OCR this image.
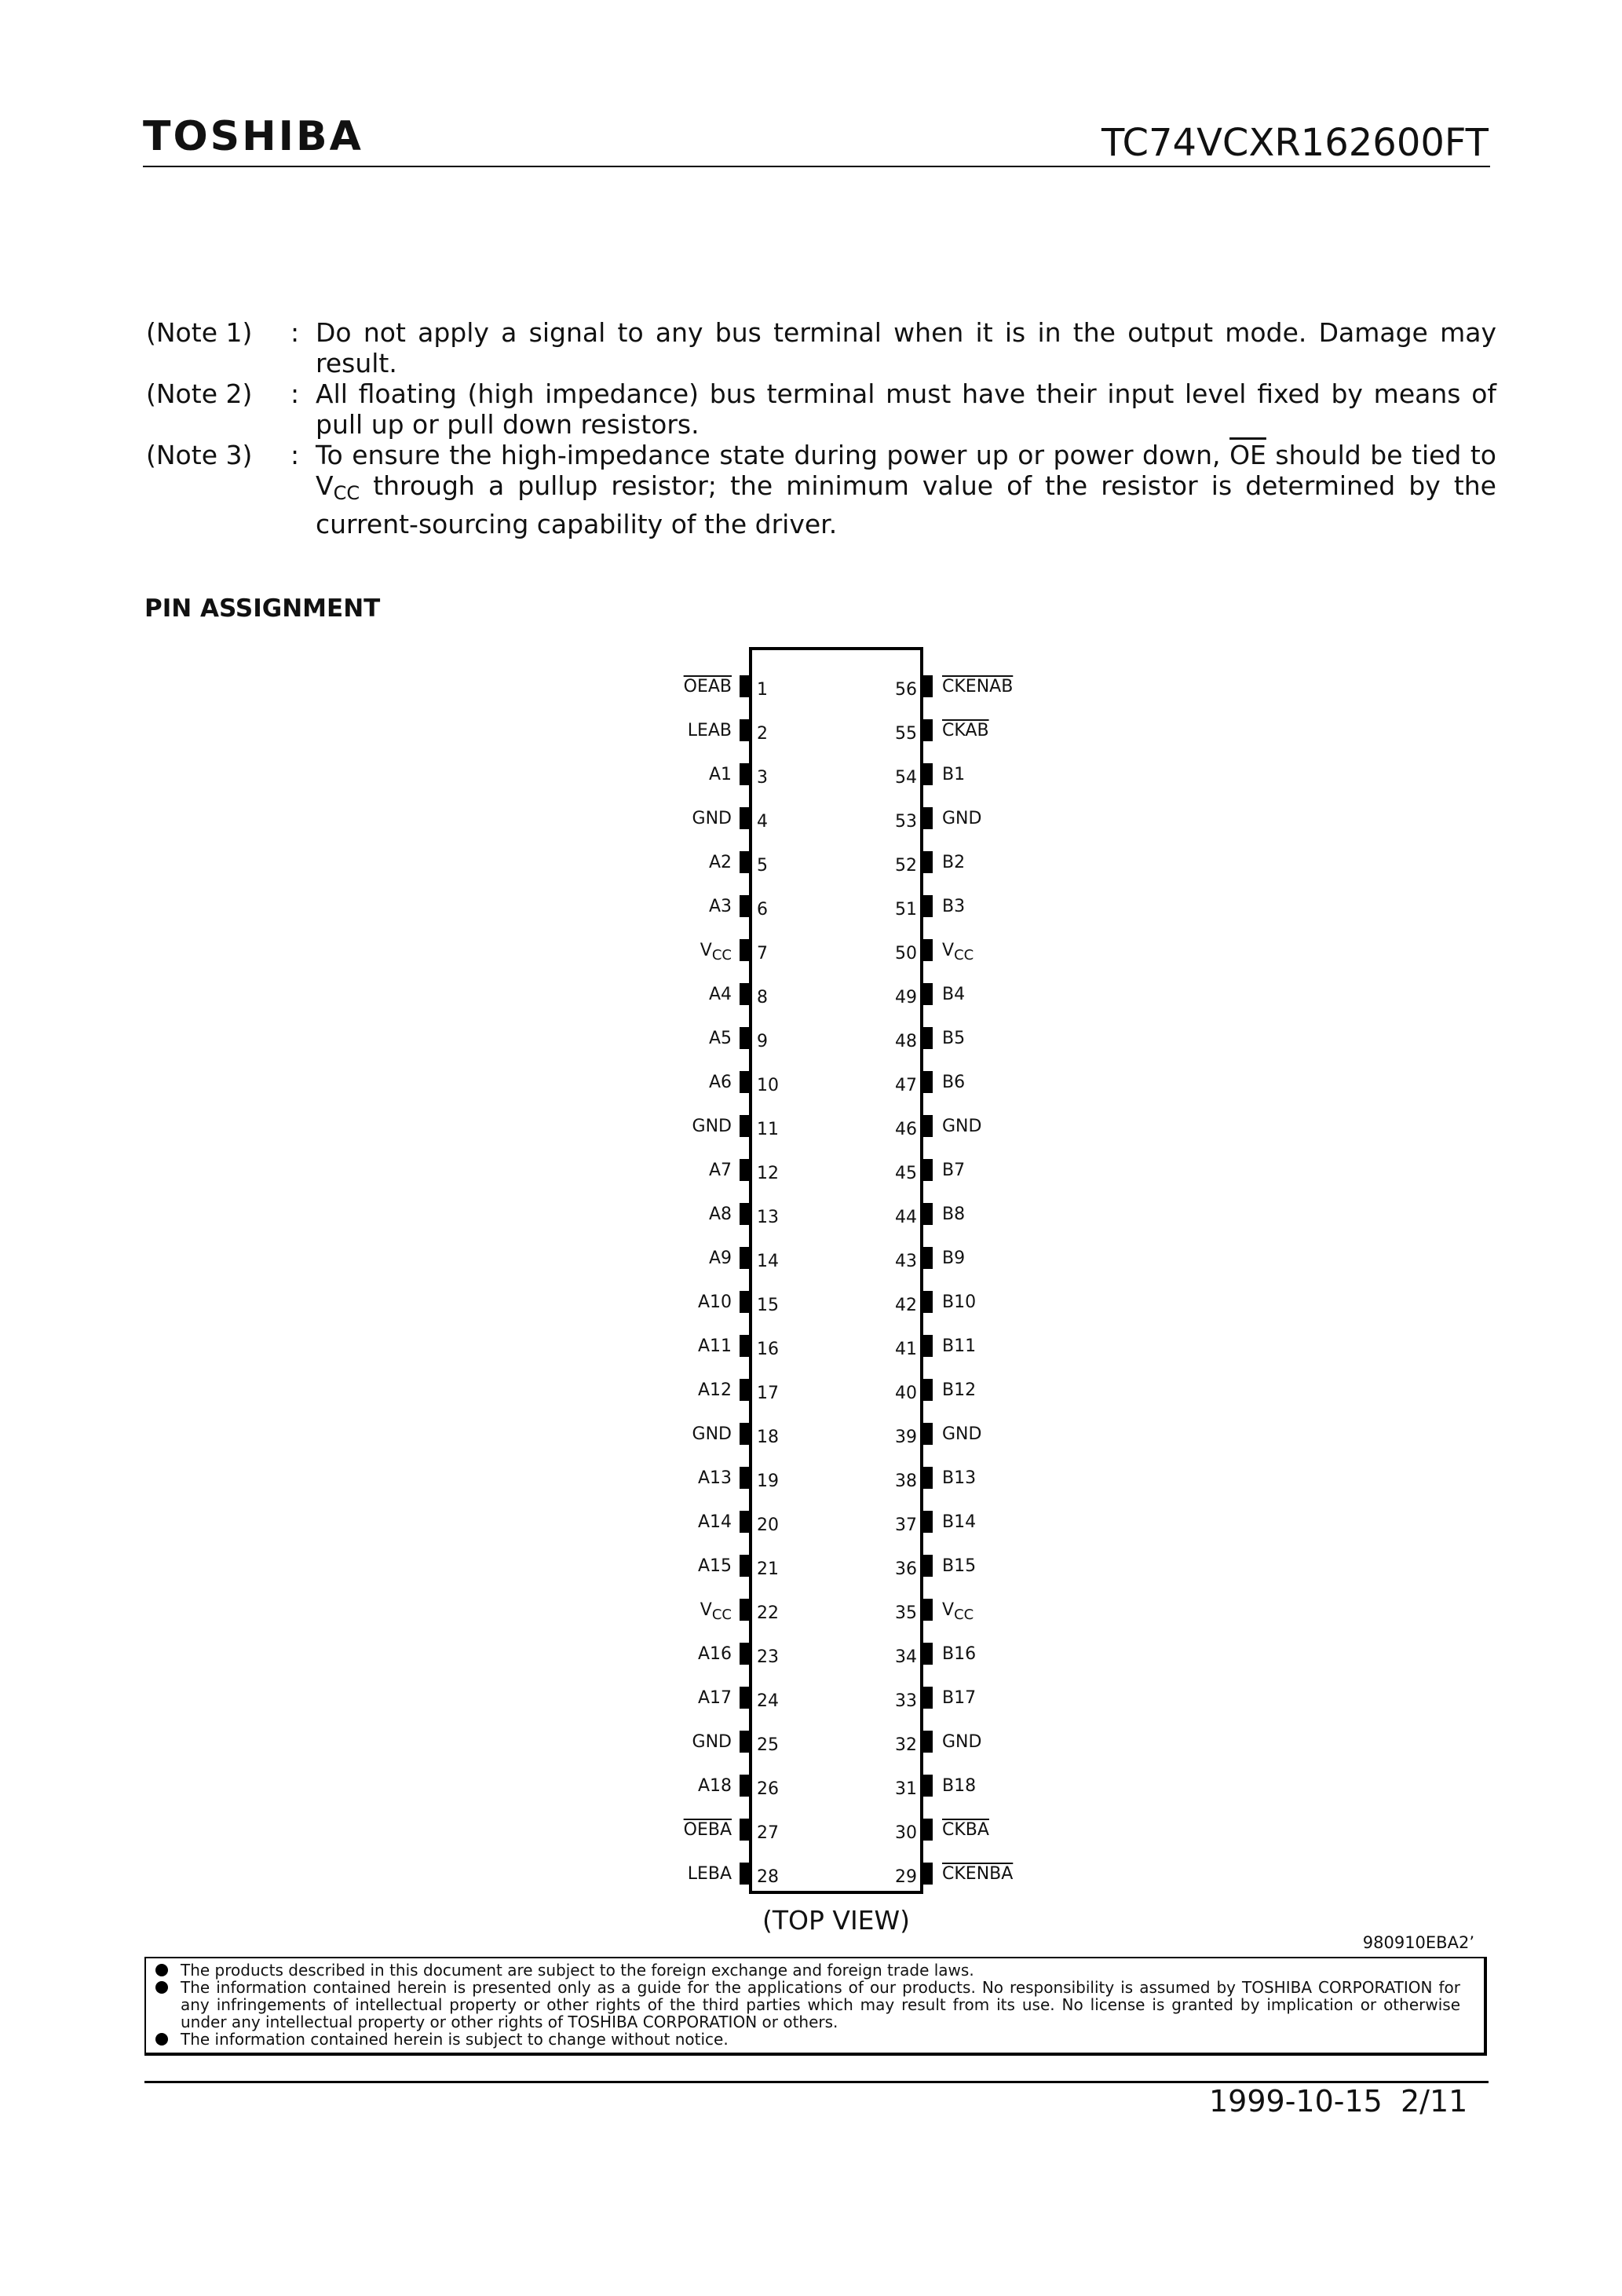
TOSHIBA	TC74VCXR162600FT
(Note 1)	: Do not apply a signal to any bus terminal when it is in the output mode. Damage may result.
(Note 2)	: All floating (high impedance) bus terminal must have their input level fixed by means of pull up or pull down resistors.
(Note 3)	: To ensure the high-impedance state during power up or power down, $\overline{OE}$ should be tied to $V_{CC}$ through a pullup resistor; the minimum value of the resistor is determined by the current-sourcing capability of the driver.
PIN ASSIGNMENT
OEAB 1
LEAB 2
A1 3
GND 4
A2 5
A3 6
$V_{CC}$ 7
A4 8
A5 9
A6 10
GND 11
A7 12
A8 13
A9 14
A10 15
A11 16
A12 17
GND 18
A13 19
A14 20
A15 21
$V_{CC}$ 22
A16 23
A17 24
GND 25
A18 26
OEBA 27
LEBA 28
56 CKENAB
55 CKAB
54 B1
53 GND
52 B2
51 B3
50 $V_{CC}$
49 B4
48 B5
47 B6
46 GND
45 B7
44 B8
43 B9
42 B10
41 B11
40 B12
39 GND
38 B13
37 B14
36 B15
35 $V_{CC}$
34 B16
33 B17
32 GND
31 B18
30 CKBA
29 CKENBA
(TOP VIEW)
980910EBA2’
The products described in this document are subject to the foreign exchange and foreign trade laws.
The information contained herein is presented only as a guide for the applications of our products. No responsibility is assumed by TOSHIBA CORPORATION for any infringements of intellectual property or other rights of the third parties which may result from its use. No license is granted by implication or otherwise under any intellectual property or other rights of TOSHIBA CORPORATION or others.
The information contained herein is subject to change without notice.
1999-10-15 2/11
